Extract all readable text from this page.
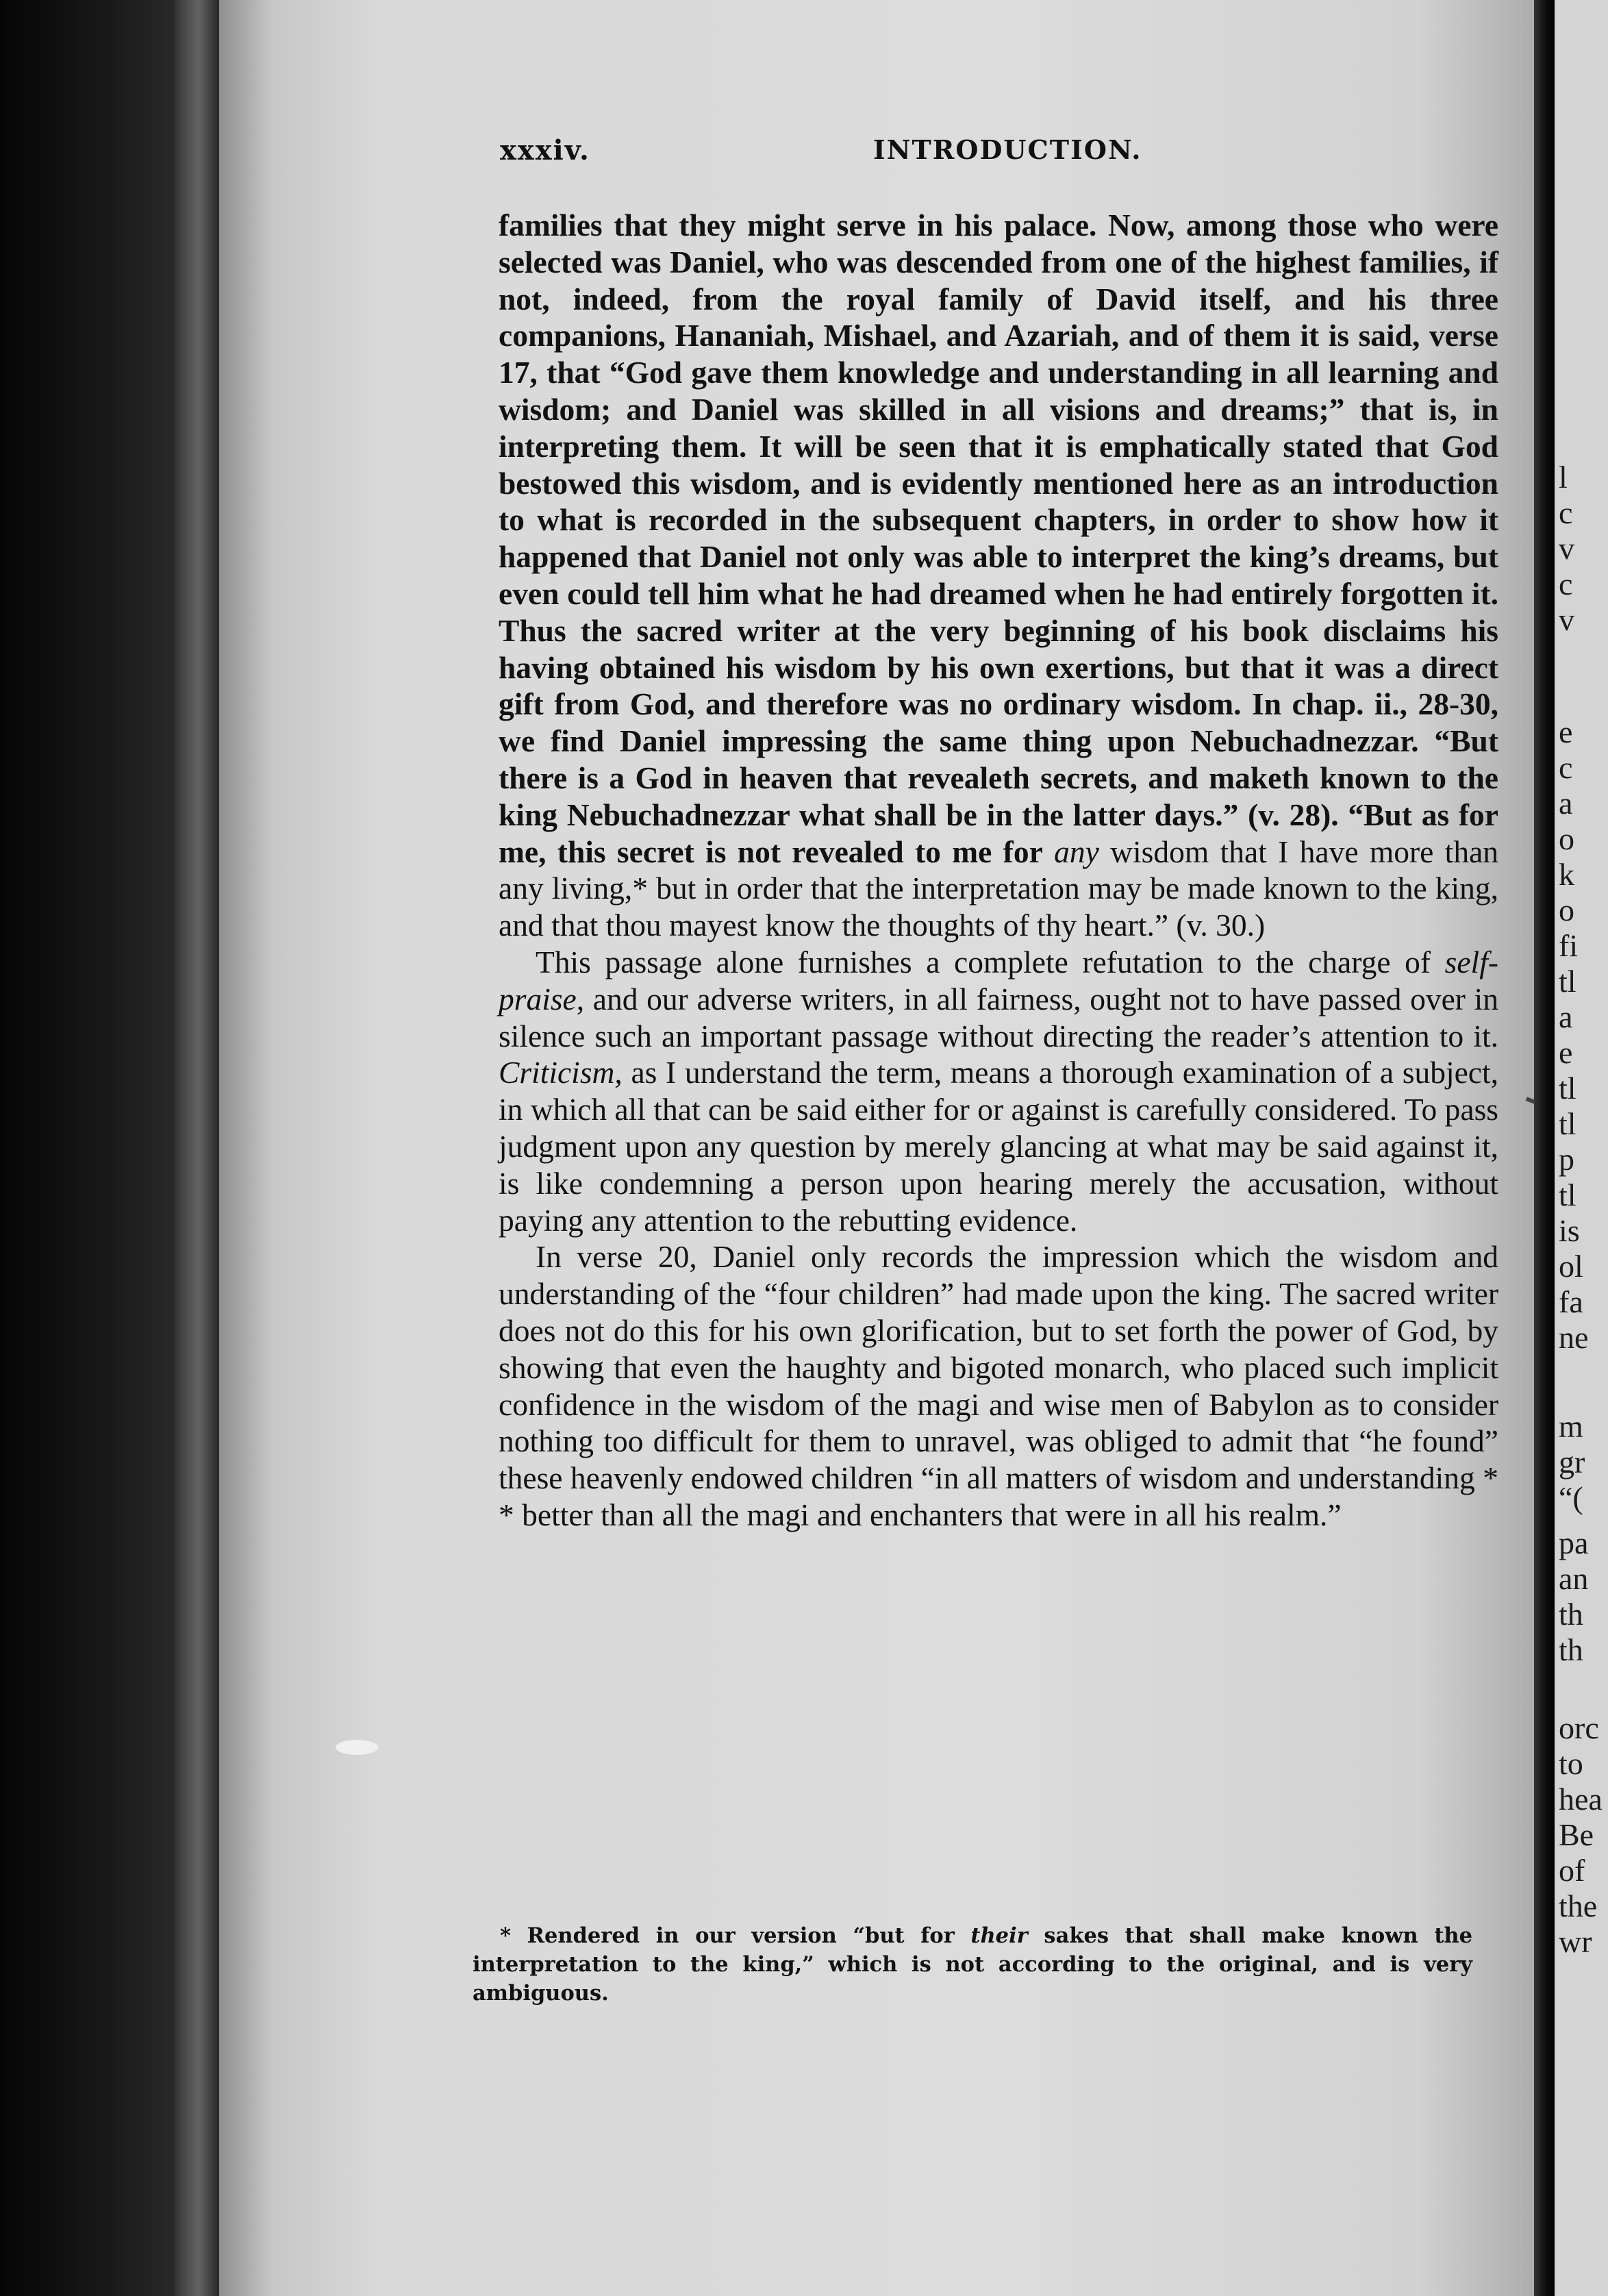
xxxiv.	INTRODUCTION.

families that they might serve in his palace. Now, among those who were selected was Daniel, who was descended from one of the highest families, if not, indeed, from the royal family of David itself, and his three companions, Hananiah, Mishael, and Azariah, and of them it is said, verse 17, that “God gave them knowledge and understanding in all learning and wisdom; and Daniel was skilled in all visions and dreams;” that is, in interpreting them. It will be seen that it is emphatically stated that God bestowed this wisdom, and is evidently mentioned here as an introduction to what is recorded in the subsequent chapters, in order to show how it happened that Daniel not only was able to interpret the king’s dreams, but even could tell him what he had dreamed when he had entirely forgotten it. Thus the sacred writer at the very beginning of his book disclaims his having obtained his wisdom by his own exertions, but that it was a direct gift from God, and therefore was no ordinary wisdom. In chap. ii., 28-30, we find Daniel impressing the same thing upon Nebuchadnezzar. “But there is a God in heaven that revealeth secrets, and maketh known to the king Nebuchadnezzar what shall be in the latter days.” (v. 28). “But as for me, this secret is not revealed to me for any wisdom that I have more than any living,* but in order that the interpretation may be made known to the king, and that thou mayest know the thoughts of thy heart.” (v. 30.)

This passage alone furnishes a complete refutation to the charge of self-praise, and our adverse writers, in all fairness, ought not to have passed over in silence such an important passage without directing the reader’s attention to it. Criticism, as I understand the term, means a thorough examination of a subject, in which all that can be said either for or against is carefully considered. To pass judgment upon any question by merely glancing at what may be said against it, is like condemning a person upon hearing merely the accusation, without paying any attention to the rebutting evidence.

In verse 20, Daniel only records the impression which the wisdom and understanding of the “four children” had made upon the king. The sacred writer does not do this for his own glorification, but to set forth the power of God, by showing that even the haughty and bigoted monarch, who placed such implicit confidence in the wisdom of the magi and wise men of Babylon as to consider nothing too difficult for them to unravel, was obliged to admit that “he found” these heavenly endowed children “in all matters of wisdom and understanding * * better than all the magi and enchanters that were in all his realm.”

* Rendered in our version “but for their sakes that shall make known the interpretation to the king,” which is not according to the original, and is very ambiguous.
l
c
v
c
v
e
c
a
o
k
o
fi
tl
a
e
tl
tl
p
tl
is
ol
fa
ne
m
gr
“(
pa
an
th
th
orc
to
hea
Be
of
the
wr
